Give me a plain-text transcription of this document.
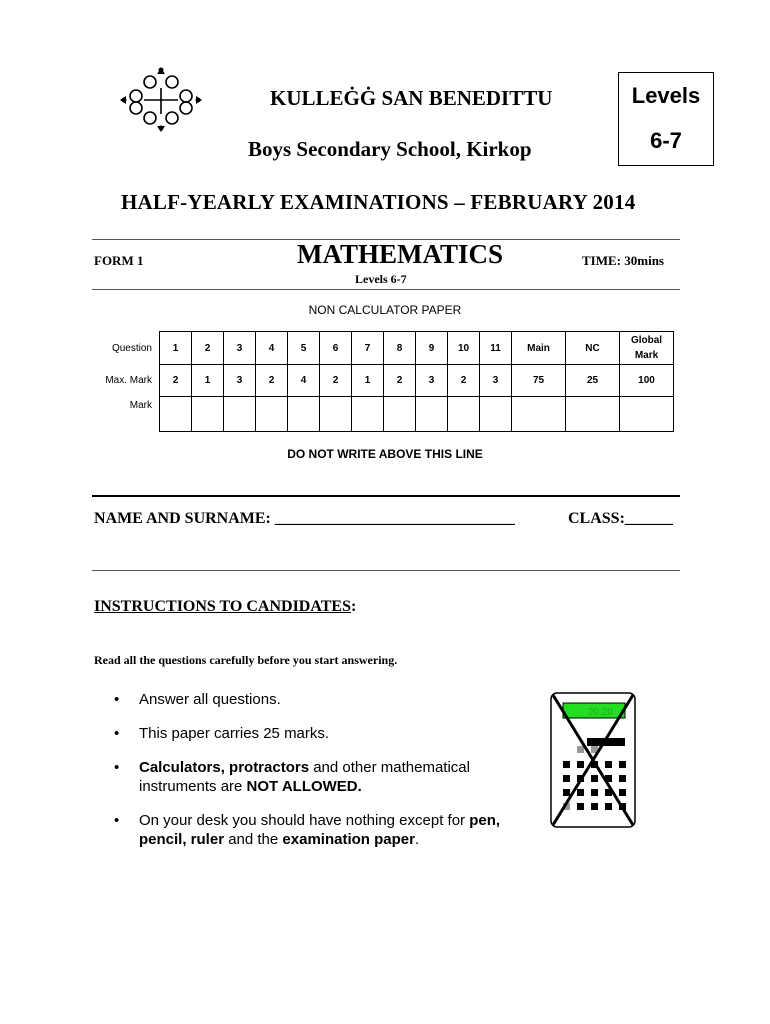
KULLEĠĠ SAN BENEDITTU
Boys Secondary School, Kirkop
Levels
6-7
HALF-YEARLY EXAMINATIONS – FEBRUARY 2014
FORM 1	MATHEMATICS
Levels 6-7
TIME: 30mins
NON CALCULATOR PAPER
Question	1	2	3	4	5	6	7	8	9	10	11	Main	NC	Global Mark
Max. Mark	2	1	3	2	4	2	1	2	3	2	3	75	25	100
Mark														
DO NOT WRITE ABOVE THIS LINE
NAME AND SURNAME: ______________________________	CLASS:______
INSTRUCTIONS TO CANDIDATES:
Read all the questions carefully before you start answering.
• Answer all questions.
• This paper carries 25 marks.
• Calculators, protractors and other mathematical instruments are NOT ALLOWED.
• On your desk you should have nothing except for pen, pencil, ruler and the examination paper.
20.20
